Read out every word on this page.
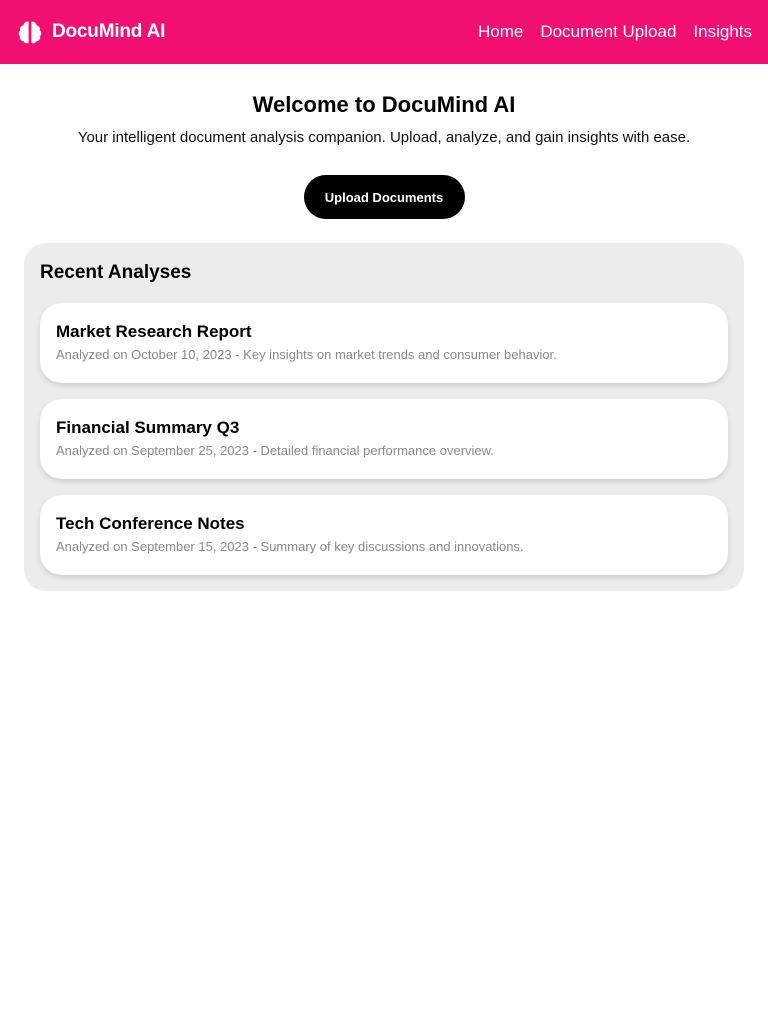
DocuMind AI	Home Document Upload Insights
Welcome to DocuMind AI

Your intelligent document analysis companion. Upload, analyze, and gain insights with ease.

Upload Documents
Recent Analyses
Market Research Report
Analyzed on October 10, 2023 - Key insights on market trends and consumer behavior.
Financial Summary Q3
Analyzed on September 25, 2023 - Detailed financial performance overview.
Tech Conference Notes
Analyzed on September 15, 2023 - Summary of key discussions and innovations.
